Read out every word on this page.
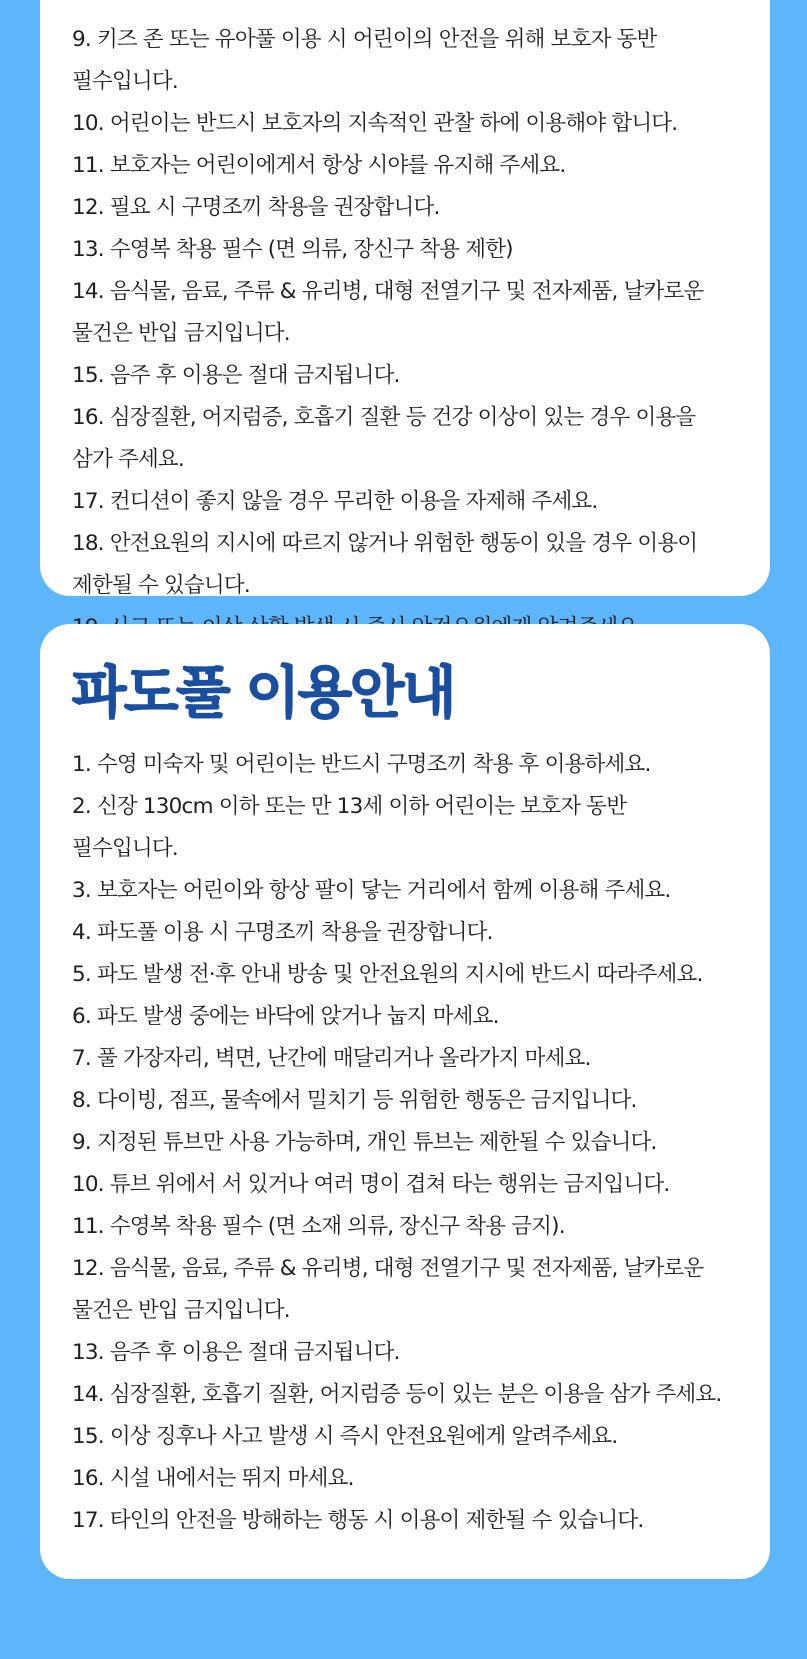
9. 키즈 존 또는 유아풀 이용 시 어린이의 안전을 위해 보호자 동반 필수입니다.
10. 어린이는 반드시 보호자의 지속적인 관찰 하에 이용해야 합니다.
11. 보호자는 어린이에게서 항상 시야를 유지해 주세요.
12. 필요 시 구명조끼 착용을 권장합니다.
13. 수영복 착용 필수 (면 의류, 장신구 착용 제한)
14. 음식물, 음료, 주류 & 유리병, 대형 전열기구 및 전자제품, 날카로운 물건은 반입 금지입니다.
15. 음주 후 이용은 절대 금지됩니다.
16. 심장질환, 어지럼증, 호흡기 질환 등 건강 이상이 있는 경우 이용을 삼가 주세요.
17. 컨디션이 좋지 않을 경우 무리한 이용을 자제해 주세요.
18. 안전요원의 지시에 따르지 않거나 위험한 행동이 있을 경우 이용이 제한될 수 있습니다.
파도풀 이용안내
1. 수영 미숙자 및 어린이는 반드시 구명조끼 착용 후 이용하세요.
2. 신장 130cm 이하 또는 만 13세 이하 어린이는 보호자 동반 필수입니다.
3. 보호자는 어린이와 항상 팔이 닿는 거리에서 함께 이용해 주세요.
4. 파도풀 이용 시 구명조끼 착용을 권장합니다.
5. 파도 발생 전·후 안내 방송 및 안전요원의 지시에 반드시 따라주세요.
6. 파도 발생 중에는 바닥에 앉거나 눕지 마세요.
7. 풀 가장자리, 벽면, 난간에 매달리거나 올라가지 마세요.
8. 다이빙, 점프, 물속에서 밀치기 등 위험한 행동은 금지입니다.
9. 지정된 튜브만 사용 가능하며, 개인 튜브는 제한될 수 있습니다.
10. 튜브 위에서 서 있거나 여러 명이 겹쳐 타는 행위는 금지입니다.
11. 수영복 착용 필수 (면 소재 의류, 장신구 착용 금지).
12. 음식물, 음료, 주류 & 유리병, 대형 전열기구 및 전자제품, 날카로운 물건은 반입 금지입니다.
13. 음주 후 이용은 절대 금지됩니다.
14. 심장질환, 호흡기 질환, 어지럼증 등이 있는 분은 이용을 삼가 주세요.
15. 이상 징후나 사고 발생 시 즉시 안전요원에게 알려주세요.
16. 시설 내에서는 뛰지 마세요.
17. 타인의 안전을 방해하는 행동 시 이용이 제한될 수 있습니다.
